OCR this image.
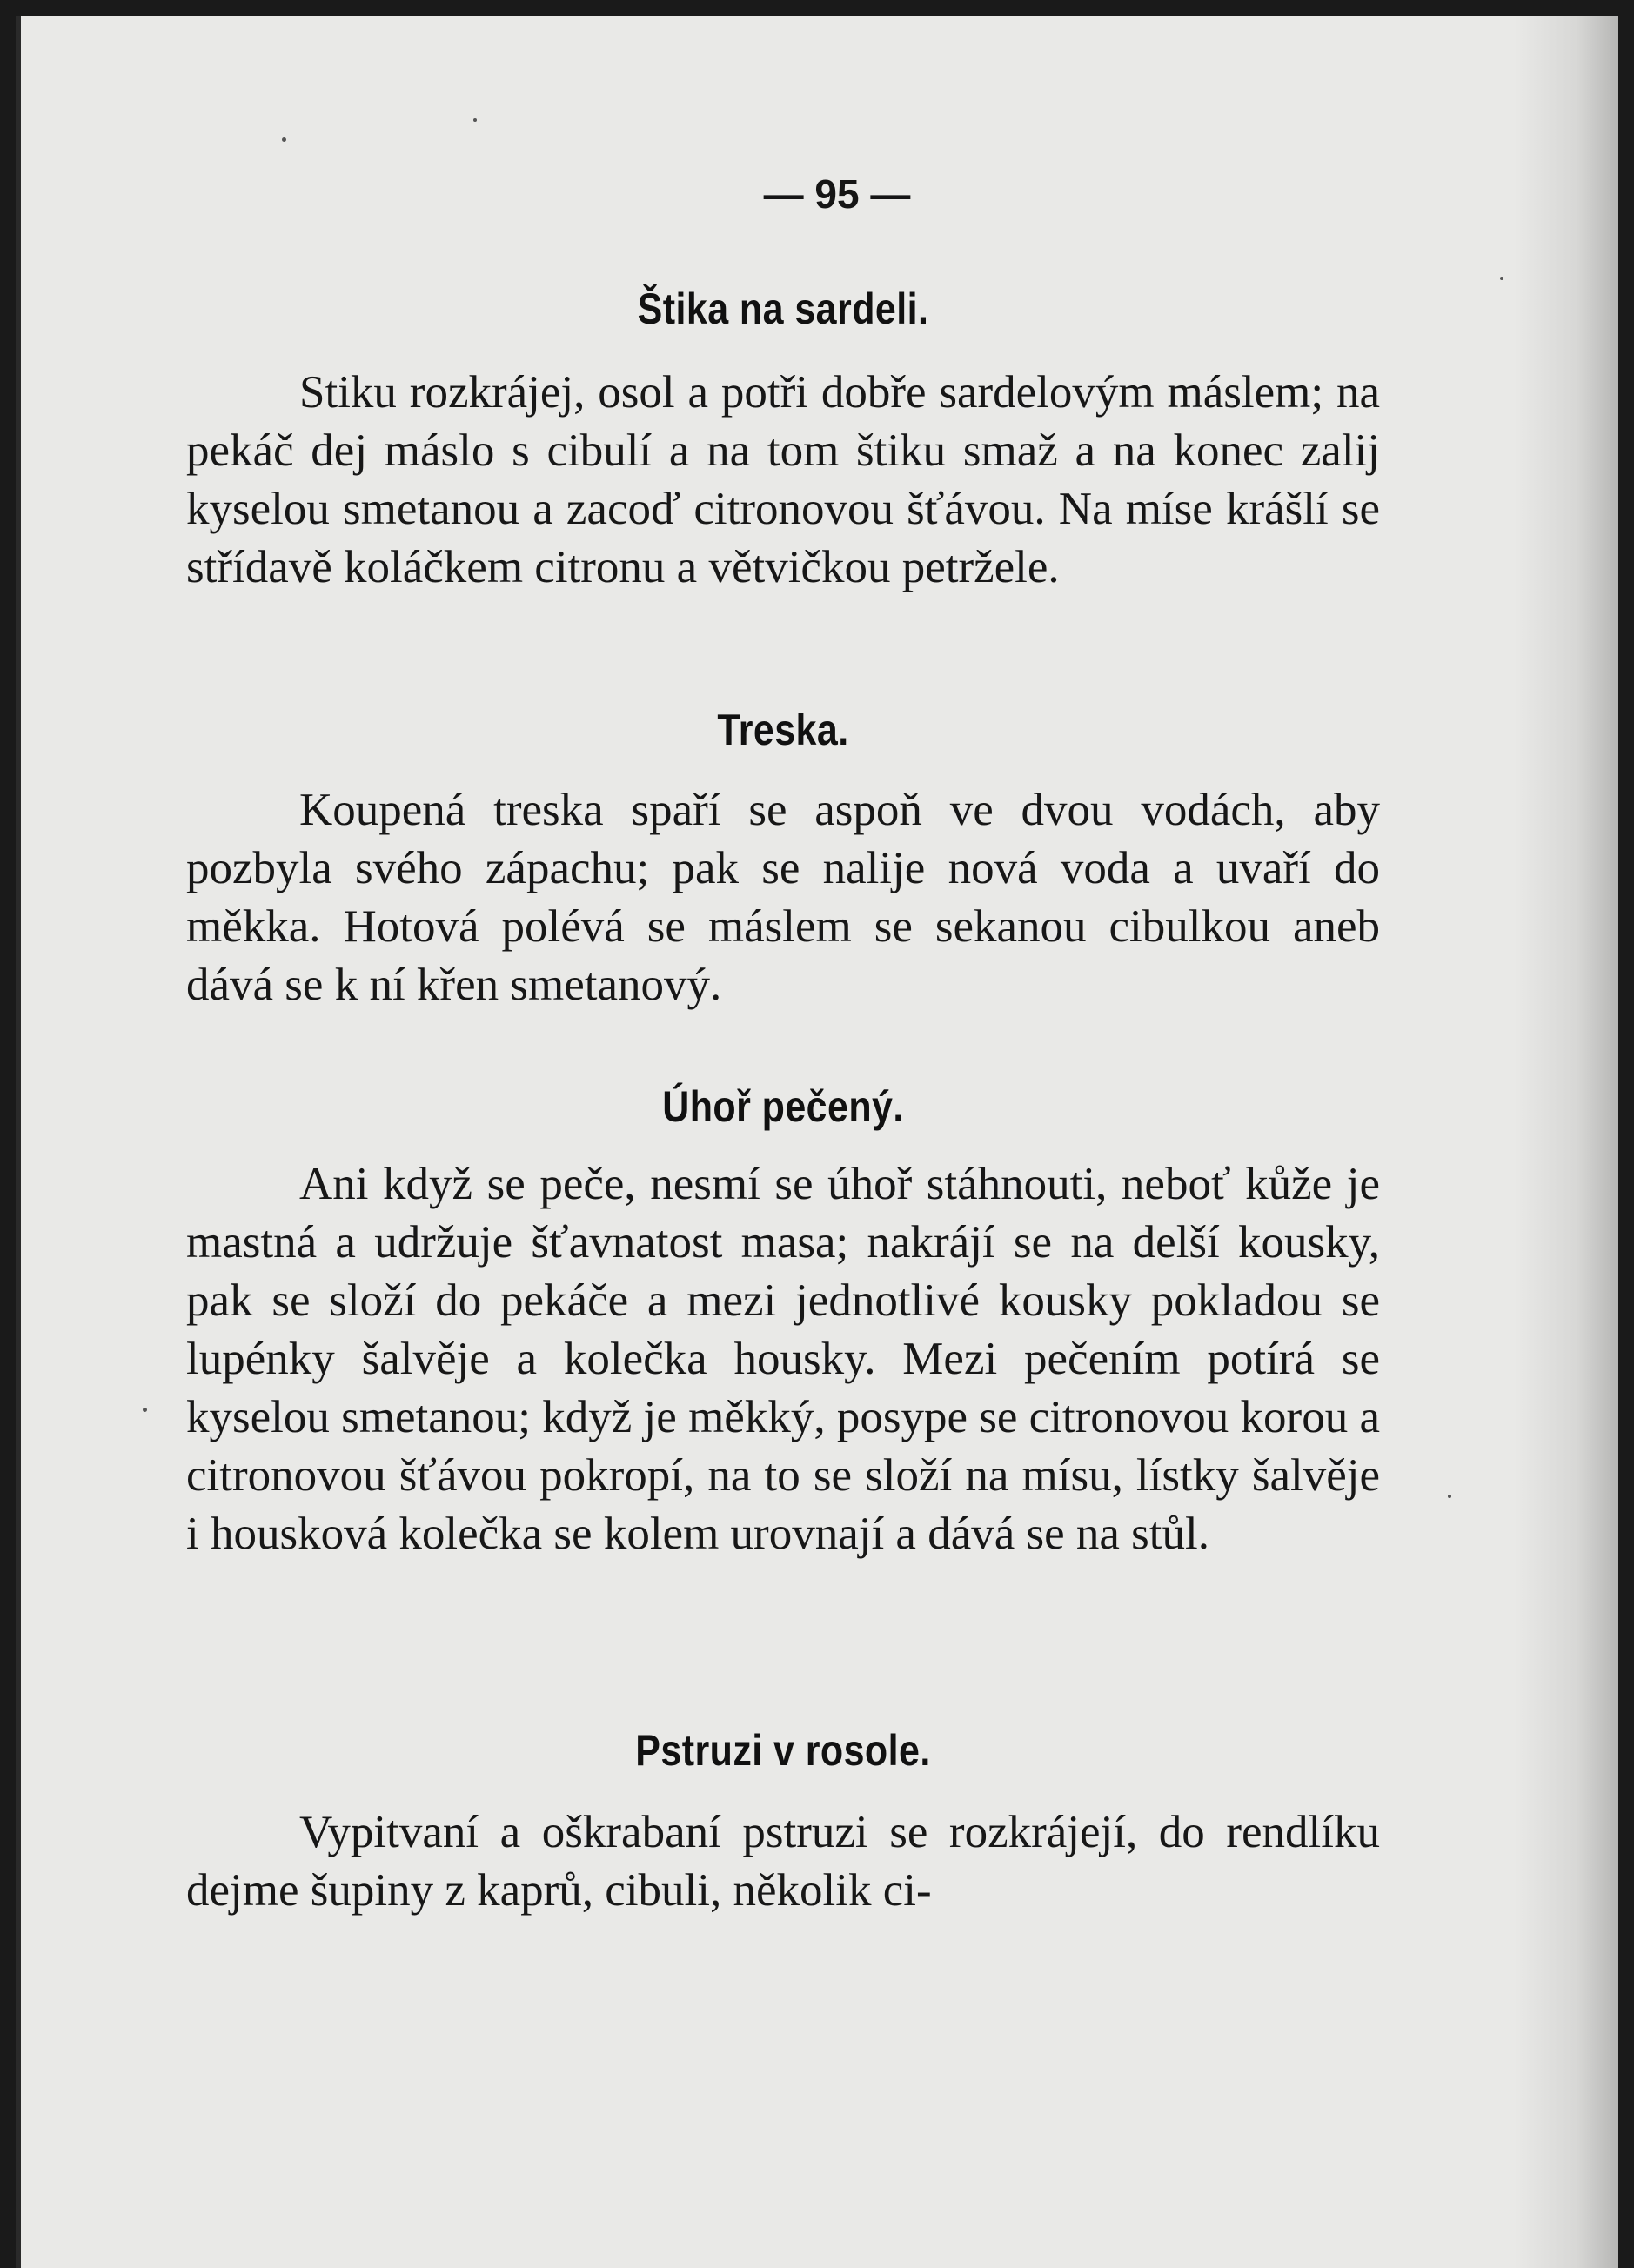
— 95 —
Štika na sardeli.

Stiku rozkrájej, osol a potři dobře sardelovým máslem; na pekáč dej máslo s cibulí a na tom štiku smaž a na konec zalij kyselou smetanou a zacoď citronovou šťávou. Na míse krášlí se střídavě koláčkem citronu a větvičkou petržele.

Treska.

Koupená treska spaří se aspoň ve dvou vodách, aby pozbyla svého zápachu; pak se nalije nová voda a uvaří do měkka. Hotová polévá se máslem se sekanou cibulkou aneb dává se k ní křen smetanový.

Úhoř pečený.

Ani když se peče, nesmí se úhoř stáhnouti, neboť kůže je mastná a udržuje šťavnatost masa; nakrájí se na delší kousky, pak se složí do pekáče a mezi jednotlivé kousky pokladou se lupénky šalvěje a kolečka housky. Mezi pečením potírá se kyselou smetanou; když je měkký, posype se citronovou korou a citronovou šťávou pokropí, na to se složí na mísu, lístky šalvěje i housková kolečka se kolem urovnají a dává se na stůl.

Pstruzi v rosole.

Vypitvaní a oškrabaní pstruzi se rozkrájejí, do rendlíku dejme šupiny z kaprů, cibuli, několik ci-
